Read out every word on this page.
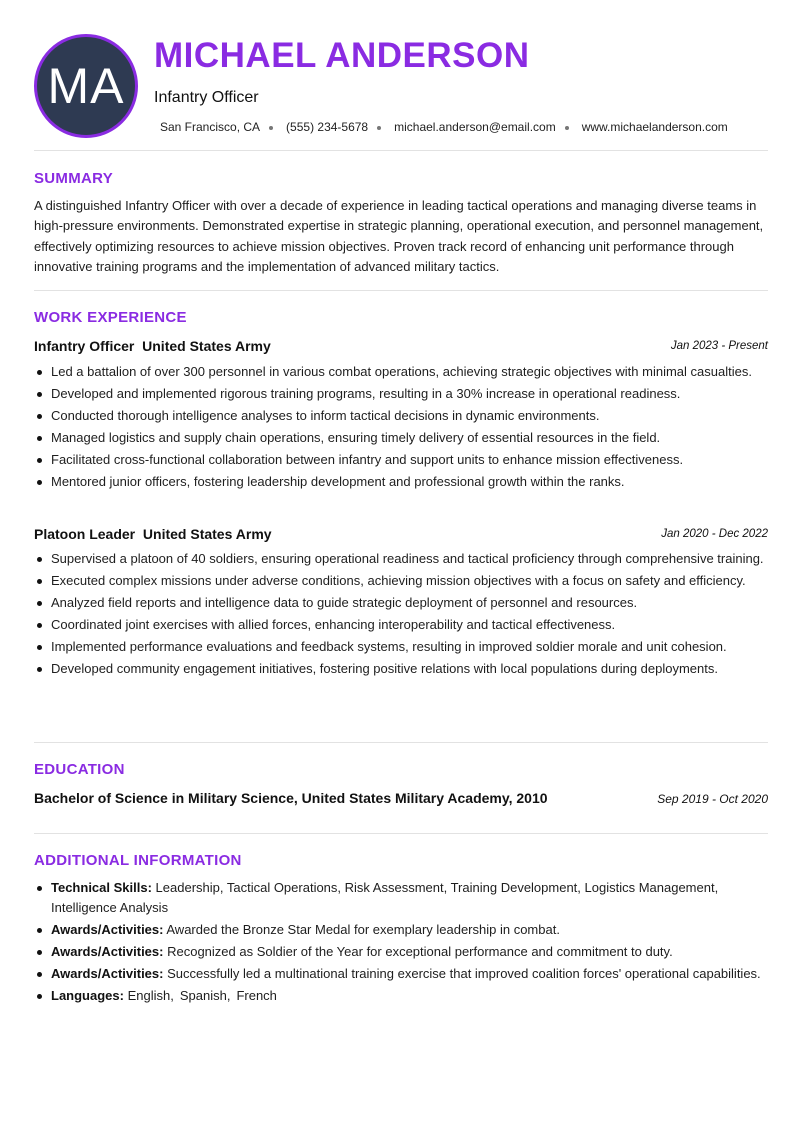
MA
MICHAEL ANDERSON
Infantry Officer
San Francisco, CA (555) 234-5678 michael.anderson@email.com www.michaelanderson.com
SUMMARY
A distinguished Infantry Officer with over a decade of experience in leading tactical operations and managing diverse teams in high-pressure environments. Demonstrated expertise in strategic planning, operational execution, and personnel management, effectively optimizing resources to achieve mission objectives. Proven track record of enhancing unit performance through innovative training programs and the implementation of advanced military tactics.
WORK EXPERIENCE
Infantry Officer United States Army	Jan 2023 - Present
Led a battalion of over 300 personnel in various combat operations, achieving strategic objectives with minimal casualties.
Developed and implemented rigorous training programs, resulting in a 30% increase in operational readiness.
Conducted thorough intelligence analyses to inform tactical decisions in dynamic environments.
Managed logistics and supply chain operations, ensuring timely delivery of essential resources in the field.
Facilitated cross-functional collaboration between infantry and support units to enhance mission effectiveness.
Mentored junior officers, fostering leadership development and professional growth within the ranks.
Platoon Leader United States Army	Jan 2020 - Dec 2022
Supervised a platoon of 40 soldiers, ensuring operational readiness and tactical proficiency through comprehensive training.
Executed complex missions under adverse conditions, achieving mission objectives with a focus on safety and efficiency.
Analyzed field reports and intelligence data to guide strategic deployment of personnel and resources.
Coordinated joint exercises with allied forces, enhancing interoperability and tactical effectiveness.
Implemented performance evaluations and feedback systems, resulting in improved soldier morale and unit cohesion.
Developed community engagement initiatives, fostering positive relations with local populations during deployments.
EDUCATION
Bachelor of Science in Military Science, United States Military Academy, 2010	Sep 2019 - Oct 2020
ADDITIONAL INFORMATION
Technical Skills: Leadership, Tactical Operations, Risk Assessment, Training Development, Logistics Management, Intelligence Analysis
Awards/Activities: Awarded the Bronze Star Medal for exemplary leadership in combat.
Awards/Activities: Recognized as Soldier of the Year for exceptional performance and commitment to duty.
Awards/Activities: Successfully led a multinational training exercise that improved coalition forces' operational capabilities.
Languages: English, Spanish, French
